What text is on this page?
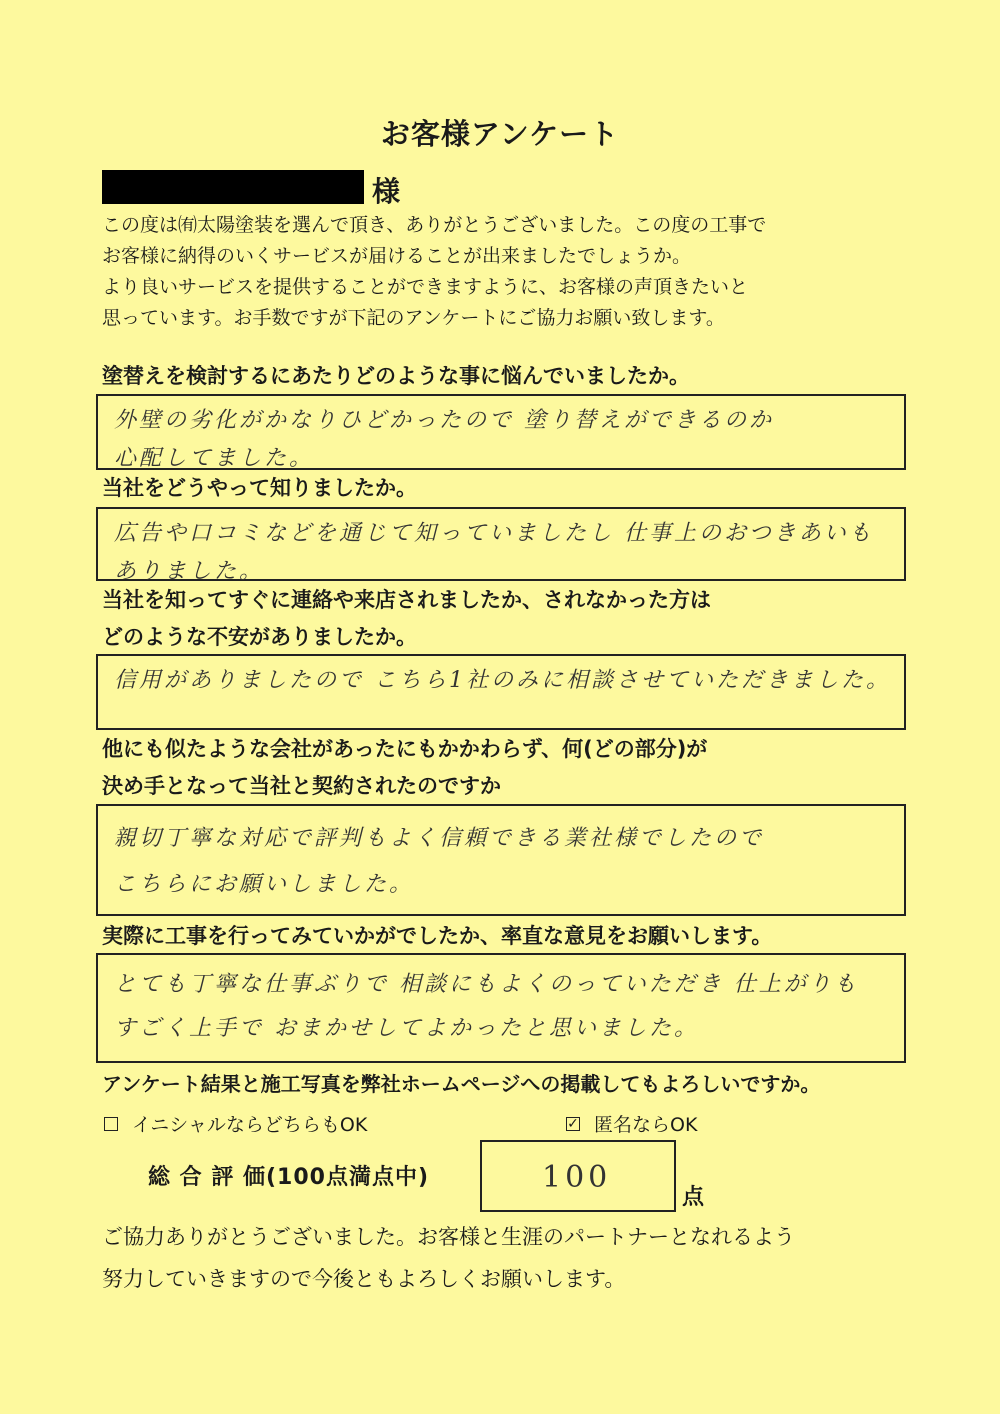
お客様アンケート
様
この度は㈲太陽塗装を選んで頂き、ありがとうございました。この度の工事で
お客様に納得のいくサービスが届けることが出来ましたでしょうか。
より良いサービスを提供することができますように、お客様の声頂きたいと
思っています。お手数ですが下記のアンケートにご協力お願い致します。
塗替えを検討するにあたりどのような事に悩んでいましたか。
外壁の劣化がかなりひどかったので 塗り替えができるのか
心配してました。
当社をどうやって知りましたか。
広告や口コミなどを通じて知っていましたし 仕事上のおつきあいも
ありました。
当社を知ってすぐに連絡や来店されましたか、されなかった方は
どのような不安がありましたか。
信用がありましたので こちら1社のみに相談させていただきました。
他にも似たような会社があったにもかかわらず、何(どの部分)が
決め手となって当社と契約されたのですか
親切丁寧な対応で評判もよく信頼できる業社様でしたので
こちらにお願いしました。
実際に工事を行ってみていかがでしたか、率直な意見をお願いします。
とても丁寧な仕事ぶりで 相談にもよくのっていただき 仕上がりも
すごく上手で おまかせしてよかったと思いました。
アンケート結果と施工写真を弊社ホームページへの掲載してもよろしいですか。
イニシャルならどちらもOK	✓ 匿名ならOK
総 合 評 価(100点満点中)	100
点
ご協力ありがとうございました。お客様と生涯のパートナーとなれるよう
努力していきますので今後ともよろしくお願いします。
